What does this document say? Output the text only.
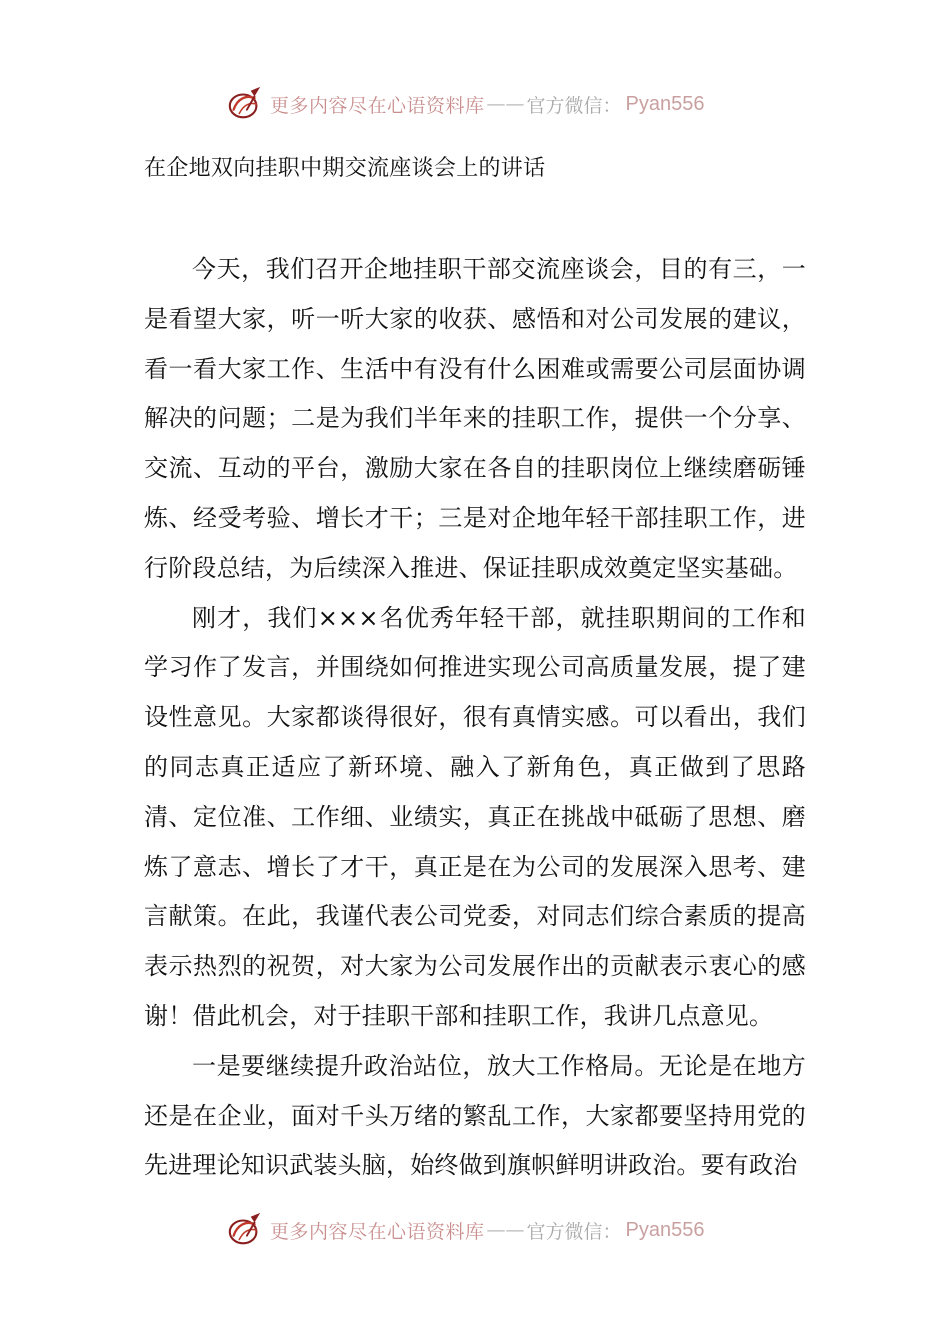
更多内容尽在心语资料库 —— 官方微信： Pyan556
在企地双向挂职中期交流座谈会上的讲话

今天，我们召开企地挂职干部交流座谈会，目的有三，一是看望大家，听一听大家的收获、感悟和对公司发展的建议，看一看大家工作、生活中有没有什么困难或需要公司层面协调解决的问题；二是为我们半年来的挂职工作，提供一个分享、交流、互动的平台，激励大家在各自的挂职岗位上继续磨砺锤炼、经受考验、增长才干；三是对企地年轻干部挂职工作，进行阶段总结，为后续深入推进、保证挂职成效奠定坚实基础。

刚才，我们×××名优秀年轻干部，就挂职期间的工作和学习作了发言，并围绕如何推进实现公司高质量发展，提了建设性意见。大家都谈得很好，很有真情实感。可以看出，我们的同志真正适应了新环境、融入了新角色，真正做到了思路清、定位准、工作细、业绩实，真正在挑战中砥砺了思想、磨炼了意志、增长了才干，真正是在为公司的发展深入思考、建言献策。在此，我谨代表公司党委，对同志们综合素质的提高表示热烈的祝贺，对大家为公司发展作出的贡献表示衷心的感谢！借此机会，对于挂职干部和挂职工作，我讲几点意见。

一是要继续提升政治站位，放大工作格局。无论是在地方还是在企业，面对千头万绪的繁乱工作，大家都要坚持用党的先进理论知识武装头脑，始终做到旗帜鲜明讲政治。要有政治

更多内容尽在心语资料库 —— 官方微信： Pyan556
